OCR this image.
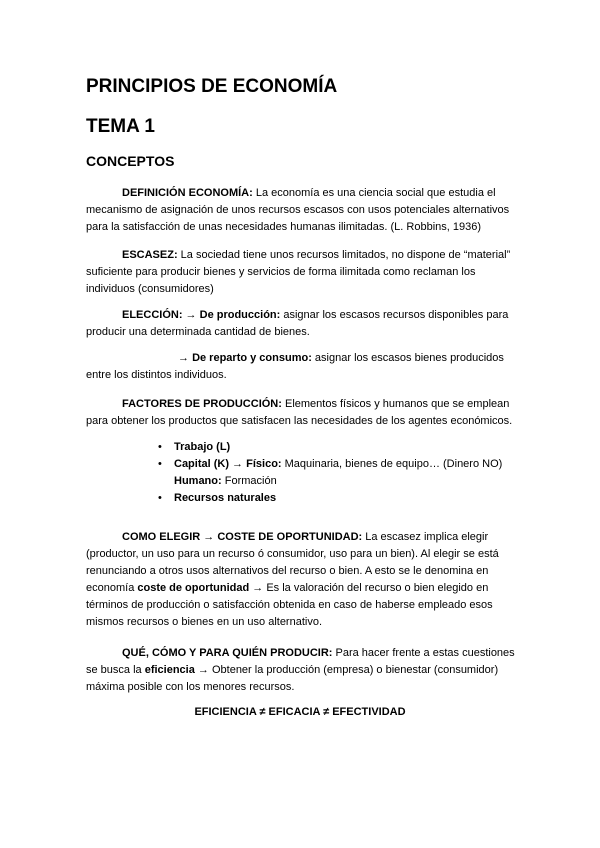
PRINCIPIOS DE ECONOMÍA
TEMA 1
CONCEPTOS

DEFINICIÓN ECONOMÍA: La economía es una ciencia social que estudia el mecanismo de asignación de unos recursos escasos con usos potenciales alternativos para la satisfacción de unas necesidades humanas ilimitadas. (L. Robbins, 1936)

ESCASEZ: La sociedad tiene unos recursos limitados, no dispone de “material” suficiente para producir bienes y servicios de forma ilimitada como reclaman los individuos (consumidores)

ELECCIÓN: → De producción: asignar los escasos recursos disponibles para producir una determinada cantidad de bienes.

→ De reparto y consumo: asignar los escasos bienes producidos entre los distintos individuos.

FACTORES DE PRODUCCIÓN: Elementos físicos y humanos que se emplean para obtener los productos que satisfacen las necesidades de los agentes económicos.

• Trabajo (L)
• Capital (K) → Físico: Maquinaria, bienes de equipo… (Dinero NO)
Humano: Formación
• Recursos naturales

COMO ELEGIR → COSTE DE OPORTUNIDAD: La escasez implica elegir (productor, un uso para un recurso ó consumidor, uso para un bien). Al elegir se está renunciando a otros usos alternativos del recurso o bien. A esto se le denomina en economía coste de oportunidad → Es la valoración del recurso o bien elegido en términos de producción o satisfacción obtenida en caso de haberse empleado esos mismos recursos o bienes en un uso alternativo.

QUÉ, CÓMO Y PARA QUIÉN PRODUCIR: Para hacer frente a estas cuestiones se busca la eficiencia → Obtener la producción (empresa) o bienestar (consumidor) máxima posible con los menores recursos.

EFICIENCIA ≠ EFICACIA ≠ EFECTIVIDAD
